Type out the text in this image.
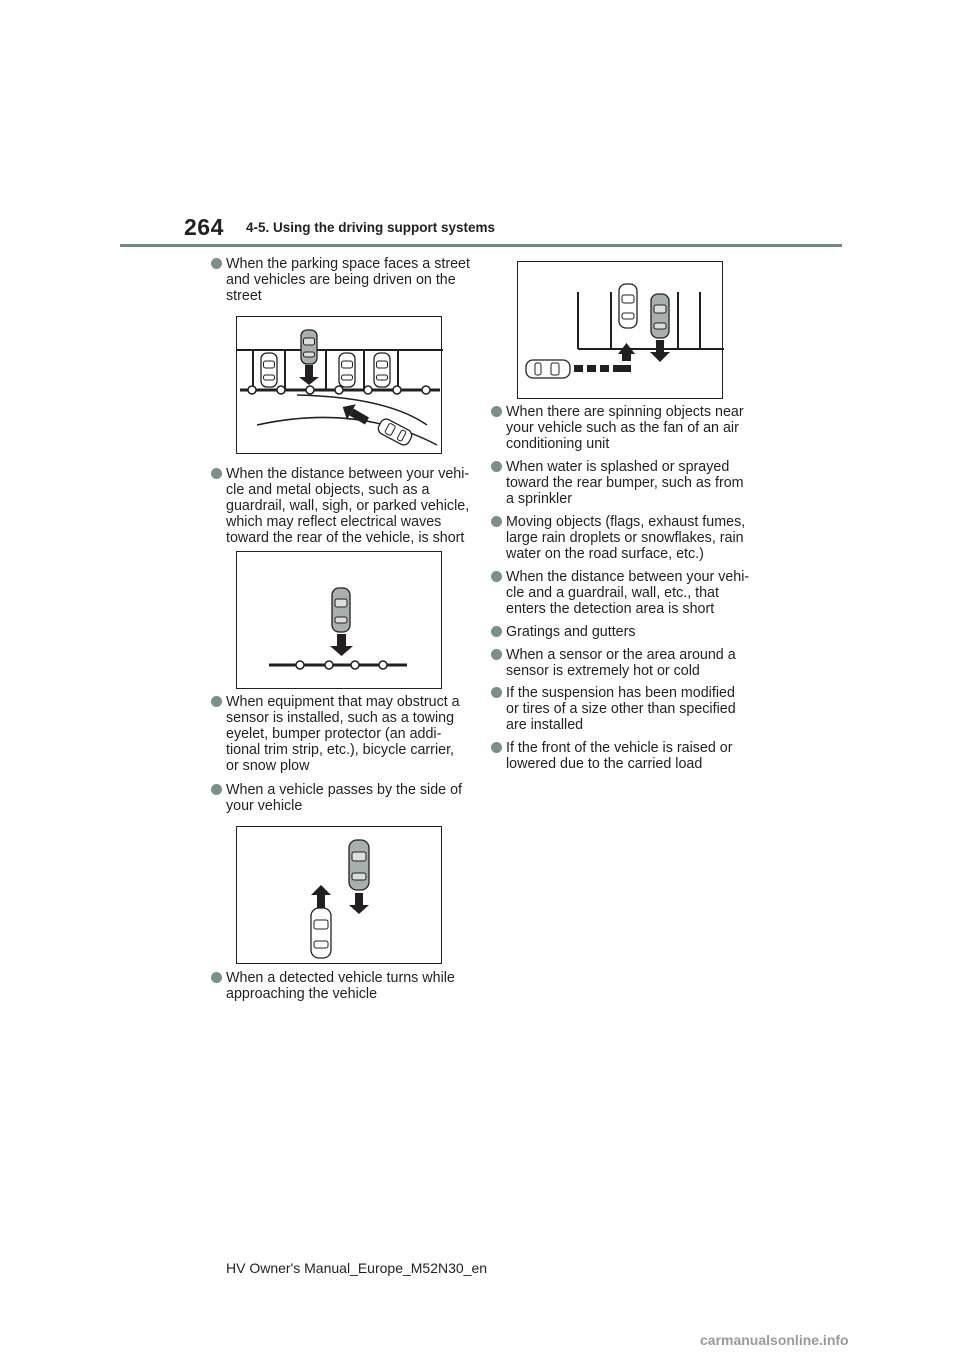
264 4-5. Using the driving support systems
When the parking space faces a street
and vehicles are being driven on the
street
When the distance between your vehi-
cle and metal objects, such as a
guardrail, wall, sigh, or parked vehicle,
which may reflect electrical waves
toward the rear of the vehicle, is short
When equipment that may obstruct a
sensor is installed, such as a towing
eyelet, bumper protector (an addi-
tional trim strip, etc.), bicycle carrier,
or snow plow
When a vehicle passes by the side of
your vehicle
When a detected vehicle turns while
approaching the vehicle
When there are spinning objects near
your vehicle such as the fan of an air
conditioning unit
When water is splashed or sprayed
toward the rear bumper, such as from
a sprinkler
Moving objects (flags, exhaust fumes,
large rain droplets or snowflakes, rain
water on the road surface, etc.)
When the distance between your vehi-
cle and a guardrail, wall, etc., that
enters the detection area is short
Gratings and gutters
When a sensor or the area around a
sensor is extremely hot or cold
If the suspension has been modified
or tires of a size other than specified
are installed
If the front of the vehicle is raised or
lowered due to the carried load
HV Owner's Manual_Europe_M52N30_en
carmanualsonline.info
